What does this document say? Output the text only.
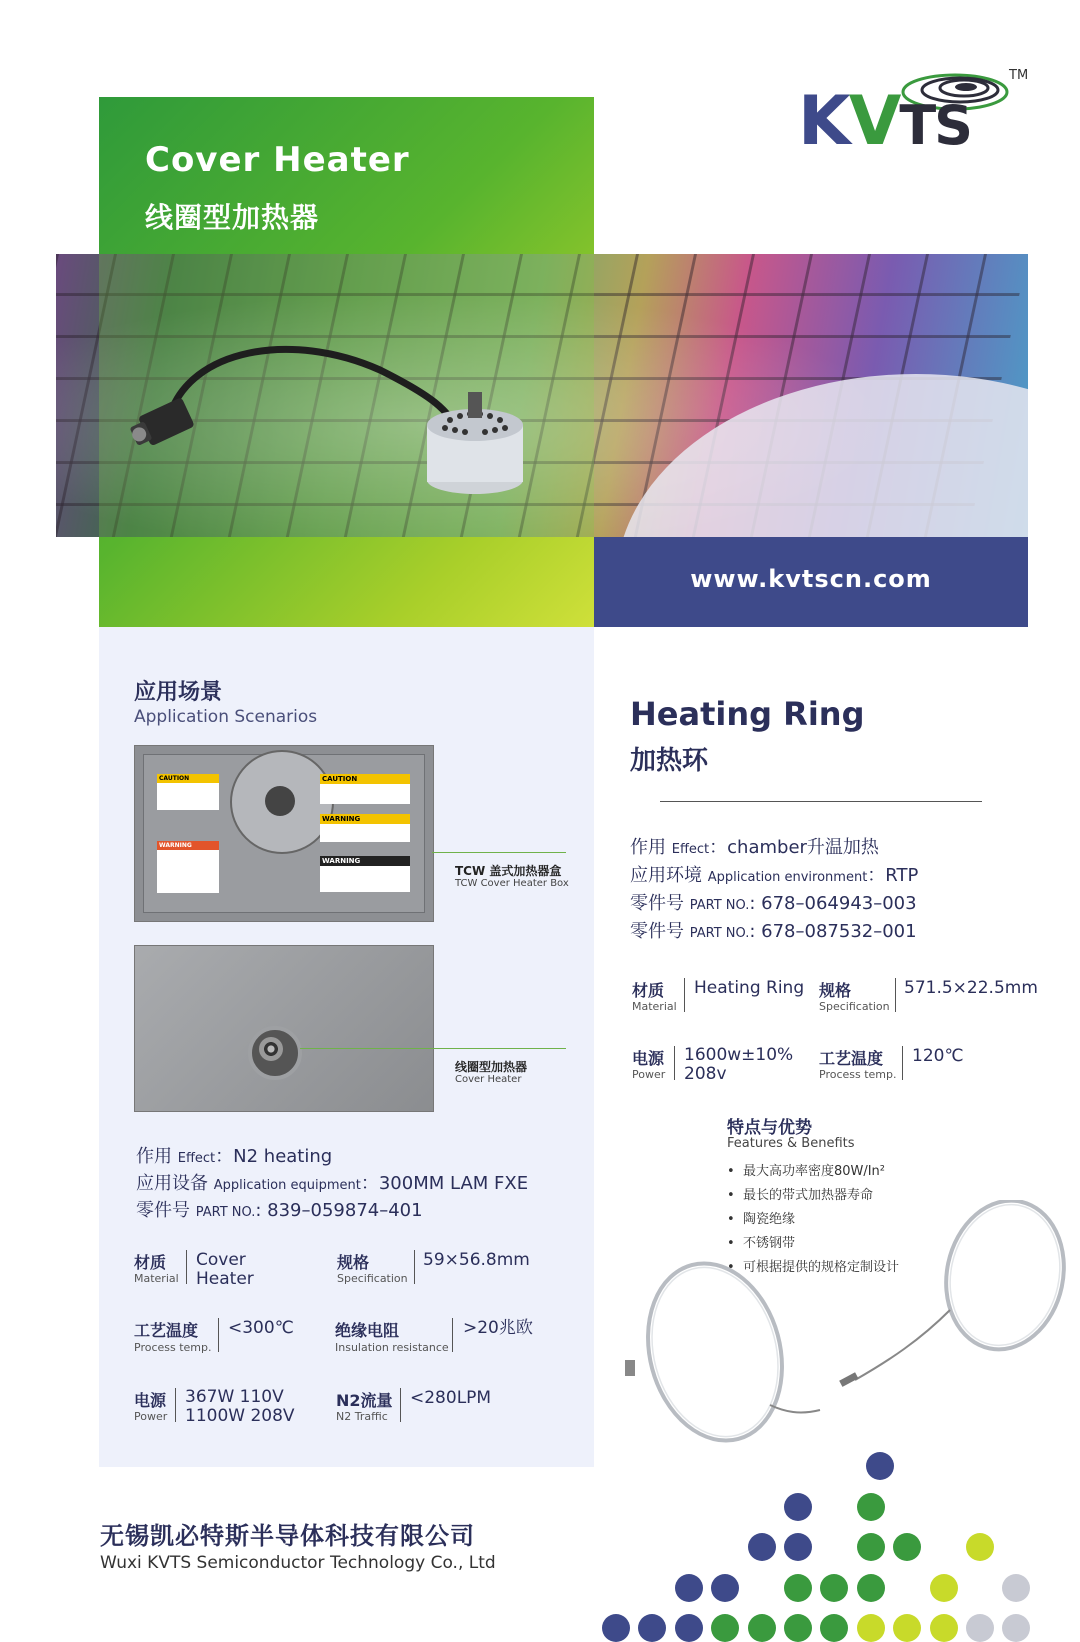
Cover Heater
线圈型加热器
www.kvtscn.com
KVTS
TM
应用场景
Application Scenarios
CAUTION
WARNING
CAUTION
WARNING
WARNING
TCW 盖式加热器盒
TCW Cover Heater Box
线圈型加热器
Cover Heater
作用 Effect：N2 heating
应用设备 Application equipment：300MM LAM FXE
零件号 PART NO.: 839–059874–401
材质
Material
Cover
Heater
规格
Specification
59×56.8mm
工艺温度
Process temp.
<300℃	绝缘电阻
Insulation resistance
>20兆欧
电源
Power
367W 110V
1100W 208V
N2流量
N2 Traffic
<280LPM
Heating Ring
加热环
作用 Effect：chamber升温加热
应用环境 Application environment：RTP
零件号 PART NO.: 678–064943–003
零件号 PART NO.: 678–087532–001
材质
Material
Heating Ring 规格
Specification
571.5×22.5mm
电源
Power
1600w±10%
208v
工艺温度
Process temp.
120℃
特点与优势
Features & Benefits
•  最大高功率密度80W/In²
•  最长的带式加热器寿命
•  陶瓷绝缘
•  不锈钢带
•  可根据提供的规格定制设计
无锡凯必特斯半导体科技有限公司
Wuxi KVTS Semiconductor Technology Co., Ltd
